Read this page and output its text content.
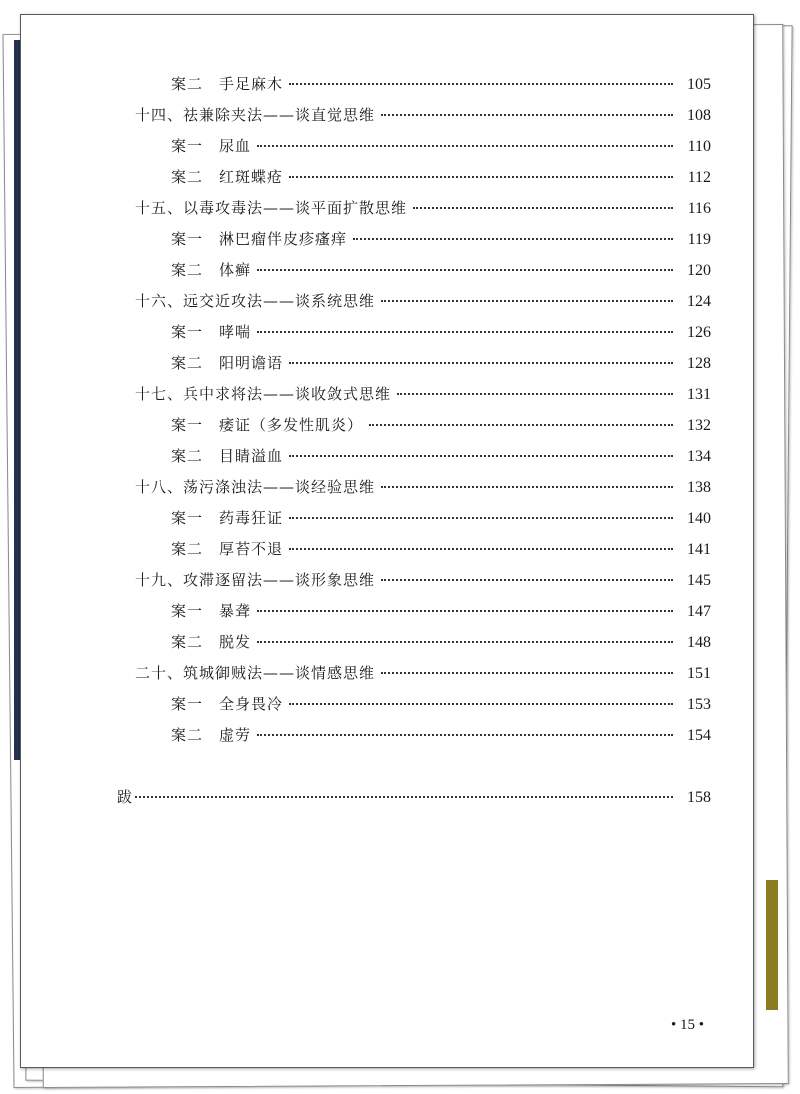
案二　手足麻木	105
十四、祛兼除夹法——谈直觉思维	108
案一　尿血	110
案二　红斑蝶疮	112
十五、以毒攻毒法——谈平面扩散思维	116
案一　淋巴瘤伴皮疹瘙痒	119
案二　体癣	120
十六、远交近攻法——谈系统思维	124
案一　哮喘	126
案二　阳明谵语	128
十七、兵中求将法——谈收敛式思维	131
案一　痿证（多发性肌炎）	132
案二　目睛溢血	134
十八、荡污涤浊法——谈经验思维	138
案一　药毒狂证	140
案二　厚苔不退	141
十九、攻滞逐留法——谈形象思维	145
案一　暴聋	147
案二　脱发	148
二十、筑城御贼法——谈情感思维	151
案一　全身畏冷	153
案二　虚劳	154
跋	158
• 15 •
